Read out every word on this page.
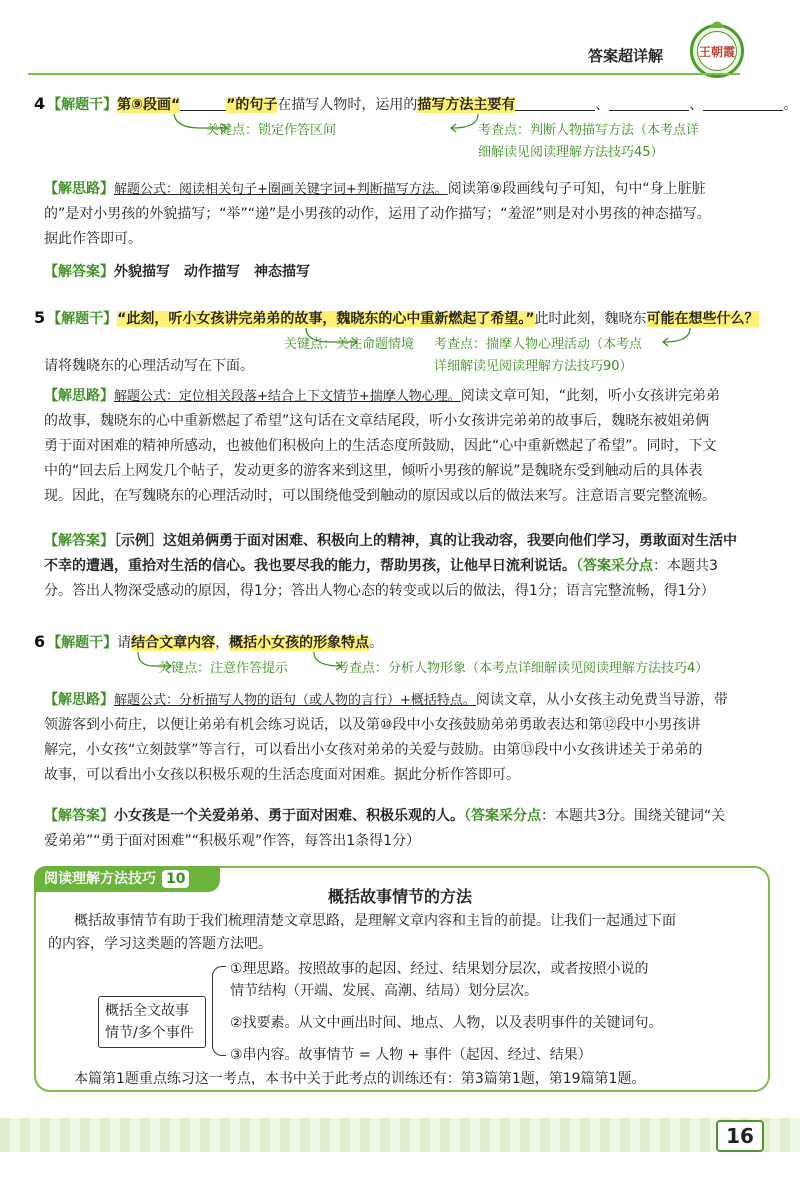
答案超详解	王朝霞
4 【解题干】第⑨段画“	”的句子在描写人物时，运用的描写方法主要有	、	、	。
关键点：锁定作答区间	考查点：判断人物描写方法（本考点详
细解读见阅读理解方法技巧45）
【解思路】解题公式：阅读相关句子+圈画关键字词+判断描写方法。阅读第⑨段画线句子可知，句中“身上脏脏
的”是对小男孩的外貌描写；“举”“递”是小男孩的动作，运用了动作描写；“羞涩”则是对小男孩的神态描写。
据此作答即可。
【解答案】外貌描写　动作描写　神态描写
5 【解题干】“此刻，听小女孩讲完弟弟的故事，魏晓东的心中重新燃起了希望。”此时此刻，魏晓东可能在想些什么？
请将魏晓东的心理活动写在下面。
关键点：关注命题情境 考查点：揣摩人物心理活动（本考点
详细解读见阅读理解方法技巧90）
【解思路】解题公式：定位相关段落+结合上下文情节+揣摩人物心理。阅读文章可知，“此刻，听小女孩讲完弟弟
的故事，魏晓东的心中重新燃起了希望”这句话在文章结尾段，听小女孩讲完弟弟的故事后，魏晓东被姐弟俩
勇于面对困难的精神所感动，也被他们积极向上的生活态度所鼓励，因此“心中重新燃起了希望”。同时，下文
中的“回去后上网发几个帖子，发动更多的游客来到这里，倾听小男孩的解说”是魏晓东受到触动后的具体表
现。因此，在写魏晓东的心理活动时，可以围绕他受到触动的原因或以后的做法来写。注意语言要完整流畅。
【解答案】［示例］这姐弟俩勇于面对困难、积极向上的精神，真的让我动容，我要向他们学习，勇敢面对生活中
不幸的遭遇，重拾对生活的信心。我也要尽我的能力，帮助男孩，让他早日流利说话。（答案采分点：本题共3
分。答出人物深受感动的原因，得1分；答出人物心态的转变或以后的做法，得1分；语言完整流畅，得1分）
6 【解题干】请结合文章内容，概括小女孩的形象特点。
关键点：注意作答提示	考查点：分析人物形象（本考点详细解读见阅读理解方法技巧4）
【解思路】解题公式：分析描写人物的语句（或人物的言行）+概括特点。阅读文章，从小女孩主动免费当导游，带
领游客到小荷庄，以便让弟弟有机会练习说话，以及第⑩段中小女孩鼓励弟弟勇敢表达和第⑫段中小男孩讲
解完，小女孩“立刻鼓掌”等言行，可以看出小女孩对弟弟的关爱与鼓励。由第⑬段中小女孩讲述关于弟弟的
故事，可以看出小女孩以积极乐观的生活态度面对困难。据此分析作答即可。
【解答案】小女孩是一个关爱弟弟、勇于面对困难、积极乐观的人。（答案采分点：本题共3分。围绕关键词“关
爱弟弟”“勇于面对困难”“积极乐观”作答，每答出1条得1分）
阅读理解方法技巧 10
概括故事情节的方法
概括故事情节有助于我们梳理清楚文章思路，是理解文章内容和主旨的前提。让我们一起通过下面
的内容，学习这类题的答题方法吧。
概括全文故事
情节/多个事件
①理思路。按照故事的起因、经过、结果划分层次，或者按照小说的
情节结构（开端、发展、高潮、结局）划分层次。
②找要素。从文中画出时间、地点、人物，以及表明事件的关键词句。
③串内容。故事情节 = 人物 + 事件（起因、经过、结果）
本篇第1题重点练习这一考点，本书中关于此考点的训练还有：第3篇第1题，第19篇第1题。
16
